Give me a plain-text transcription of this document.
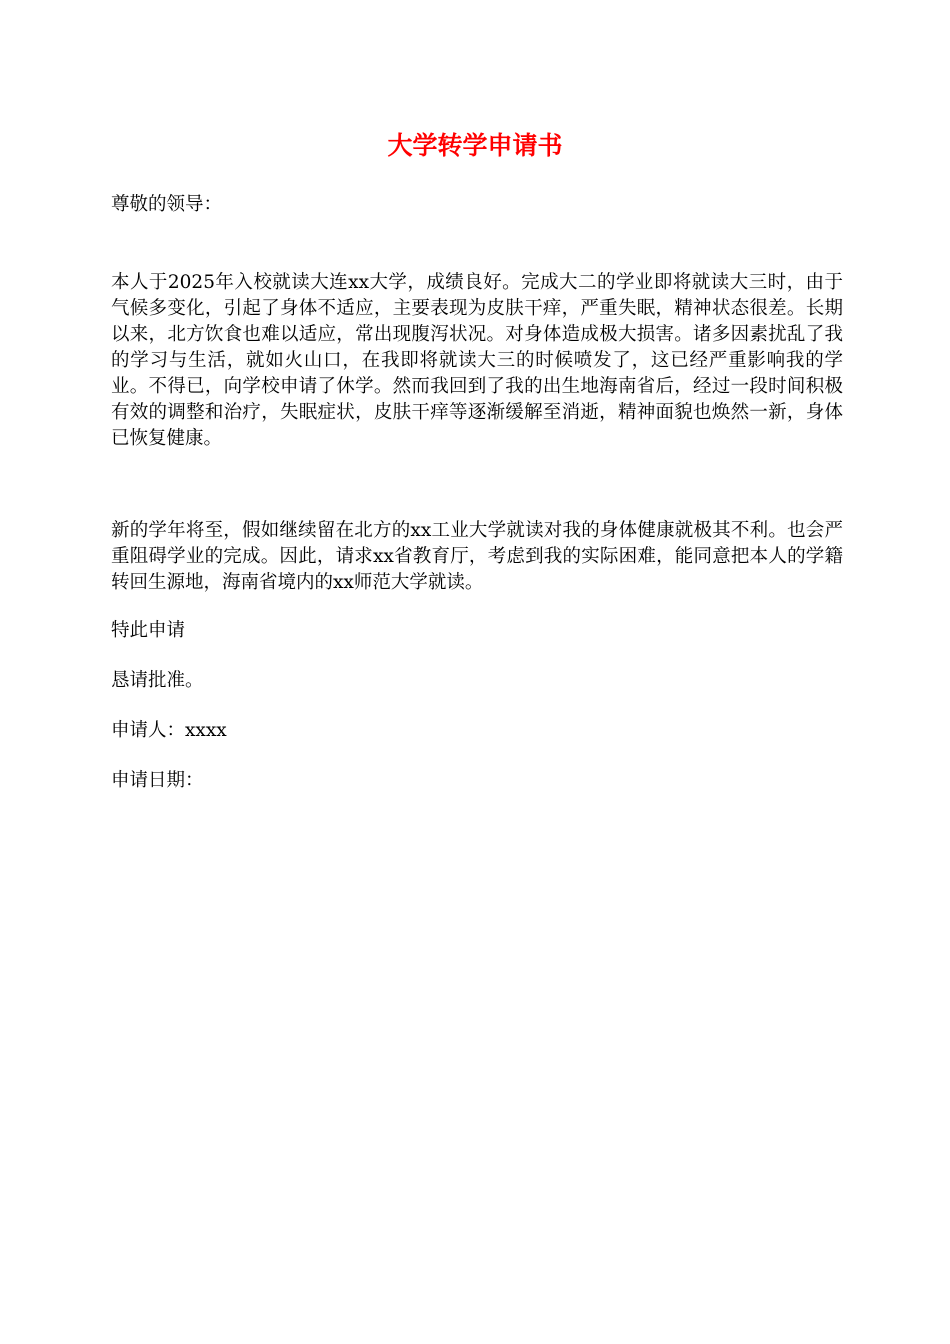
大学转学申请书

尊敬的领导：

本人于2025年入校就读大连xx大学，成绩良好。完成大二的学业即将就读大三时，由于气候多变化，引起了身体不适应，主要表现为皮肤干痒，严重失眠，精神状态很差。长期以来，北方饮食也难以适应，常出现腹泻状况。对身体造成极大损害。诸多因素扰乱了我的学习与生活，就如火山口，在我即将就读大三的时候喷发了，这已经严重影响我的学业。不得已，向学校申请了休学。然而我回到了我的出生地海南省后，经过一段时间积极有效的调整和治疗，失眠症状，皮肤干痒等逐渐缓解至消逝，精神面貌也焕然一新，身体已恢复健康。

新的学年将至，假如继续留在北方的xx工业大学就读对我的身体健康就极其不利。也会严重阻碍学业的完成。因此，请求xx省教育厅，考虑到我的实际困难，能同意把本人的学籍转回生源地，海南省境内的xx师范大学就读。

特此申请

恳请批准。

申请人：xxxx

申请日期：
